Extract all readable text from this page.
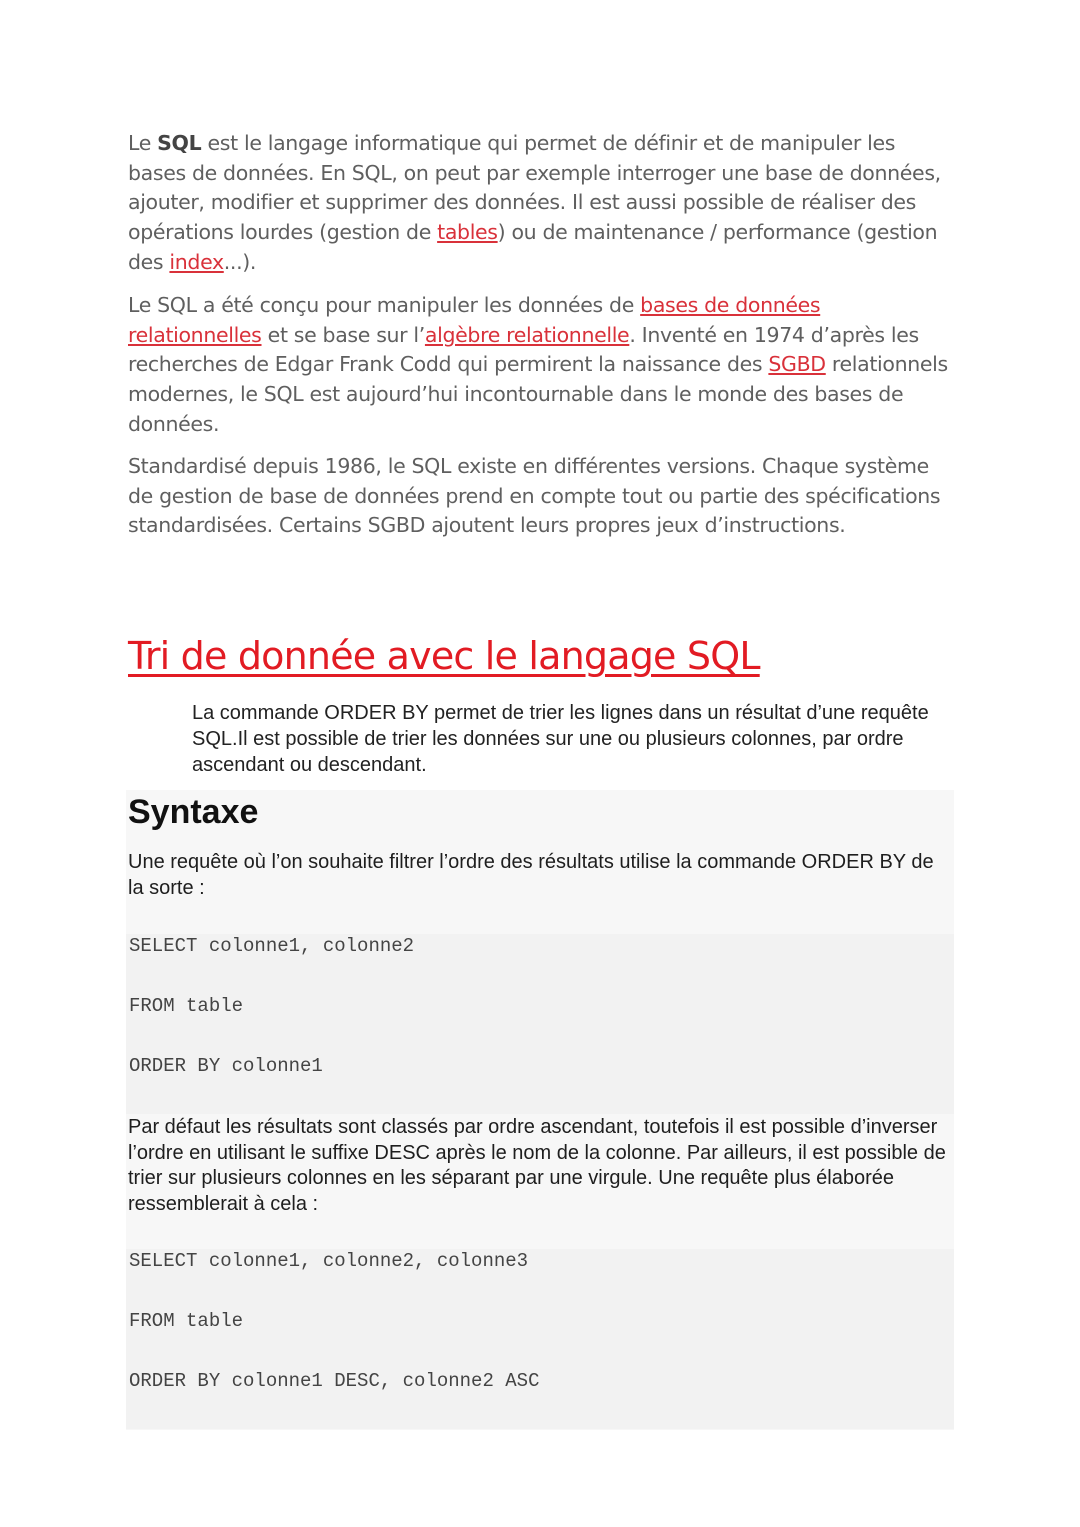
Le SQL est le langage informatique qui permet de définir et de manipuler les bases de données. En SQL, on peut par exemple interroger une base de données, ajouter, modifier et supprimer des données. Il est aussi possible de réaliser des opérations lourdes (gestion de tables) ou de maintenance / performance (gestion des index...).

Le SQL a été conçu pour manipuler les données de bases de données relationnelles et se base sur l’algèbre relationnelle. Inventé en 1974 d’après les recherches de Edgar Frank Codd qui permirent la naissance des SGBD relationnels modernes, le SQL est aujourd’hui incontournable dans le monde des bases de données.

Standardisé depuis 1986, le SQL existe en différentes versions. Chaque système de gestion de base de données prend en compte tout ou partie des spécifications standardisées. Certains SGBD ajoutent leurs propres jeux d’instructions.

Tri de donnée avec le langage SQL

La commande ORDER BY permet de trier les lignes dans un résultat d’une requête SQL.Il est possible de trier les données sur une ou plusieurs colonnes, par ordre ascendant ou descendant.

Syntaxe

Une requête où l’on souhaite filtrer l’ordre des résultats utilise la commande ORDER BY de la sorte :

SELECT colonne1, colonne2
FROM table
ORDER BY colonne1

Par défaut les résultats sont classés par ordre ascendant, toutefois il est possible d’inverser l’ordre en utilisant le suffixe DESC après le nom de la colonne. Par ailleurs, il est possible de trier sur plusieurs colonnes en les séparant par une virgule. Une requête plus élaborée ressemblerait à cela :

SELECT colonne1, colonne2, colonne3
FROM table
ORDER BY colonne1 DESC, colonne2 ASC
